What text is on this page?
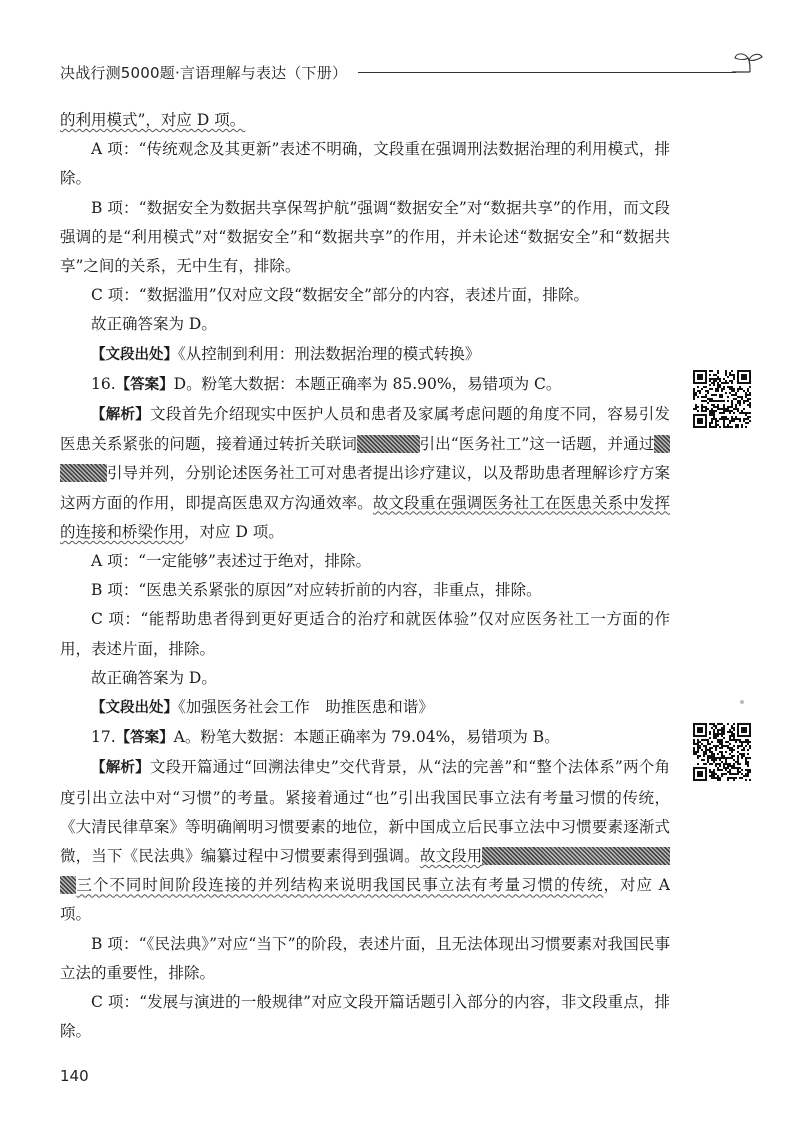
决战行测5000题·言语理解与表达（下册）

的利用模式”，对应 D 项。

A 项：“传统观念及其更新”表述不明确，文段重在强调刑法数据治理的利用模式，排除。

B 项：“数据安全为数据共享保驾护航”强调“数据安全”对“数据共享”的作用，而文段强调的是“利用模式”对“数据安全”和“数据共享”的作用，并未论述“数据安全”和“数据共享”之间的关系，无中生有，排除。

C 项：“数据滥用”仅对应文段“数据安全”部分的内容，表述片面，排除。

故正确答案为 D。

【文段出处】《从控制到利用：刑法数据治理的模式转换》

16.【答案】D。粉笔大数据：本题正确率为 85.90%，易错项为 C。

【解析】文段首先介绍现实中医护人员和患者及家属考虑问题的角度不同，容易引发医患关系紧张的问题，接着通过转折关联词	引出“医务社工”这一话题，并通过引导并列，分别论述医务社工可对患者提出诊疗建议，以及帮助患者理解诊疗方案这两方面的作用，即提高医患双方沟通效率。故文段重在强调医务社工在医患关系中发挥的连接和桥梁作用，对应 D 项。

A 项：“一定能够”表述过于绝对，排除。

B 项：“医患关系紧张的原因”对应转折前的内容，非重点，排除。

C 项：“能帮助患者得到更好更适合的治疗和就医体验”仅对应医务社工一方面的作用，表述片面，排除。

故正确答案为 D。

【文段出处】《加强医务社会工作　助推医患和谐》

17.【答案】A。粉笔大数据：本题正确率为 79.04%，易错项为 B。

【解析】文段开篇通过“回溯法律史”交代背景，从“法的完善”和“整个法体系”两个角度引出立法中对“习惯”的考量。紧接着通过“也”引出我国民事立法有考量习惯的传统，《大清民律草案》等明确阐明习惯要素的地位，新中国成立后民事立法中习惯要素逐渐式微，当下《民法典》编纂过程中习惯要素得到强调。故文段用三个不同时间阶段连接的并列结构来说明我国民事立法有考量习惯的传统，对应 A 项。

B 项：“《民法典》”对应“当下”的阶段，表述片面，且无法体现出习惯要素对我国民事立法的重要性，排除。

C 项：“发展与演进的一般规律”对应文段开篇话题引入部分的内容，非文段重点，排除。

140
